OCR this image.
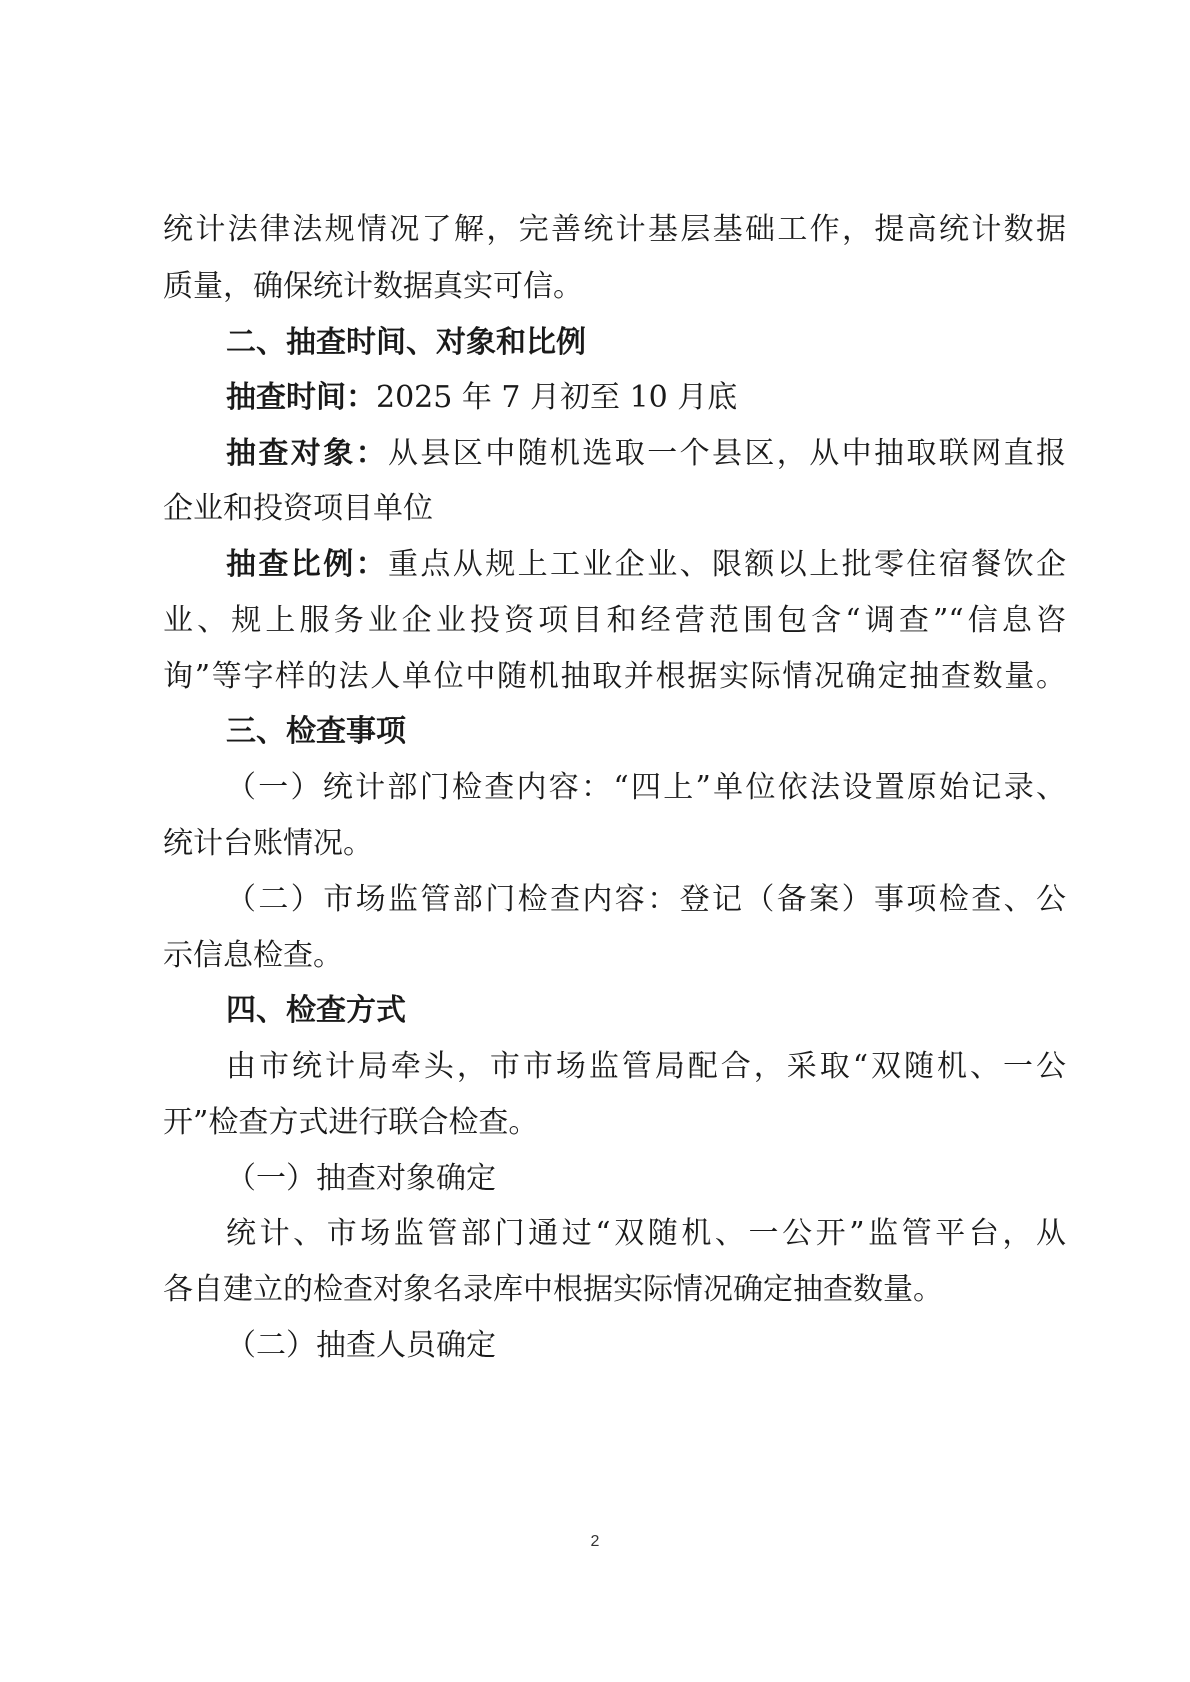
统计法律法规情况了解，完善统计基层基础工作，提高统计数据
质量，确保统计数据真实可信。
二、抽查时间、对象和比例
抽查时间：2025 年 7 月初至 10 月底
抽查对象：从县区中随机选取一个县区，从中抽取联网直报
企业和投资项目单位
抽查比例：重点从规上工业企业、限额以上批零住宿餐饮企
业、规上服务业企业投资项目和经营范围包含“调查”“信息咨
询”等字样的法人单位中随机抽取并根据实际情况确定抽查数量。
三、检查事项
（一）统计部门检查内容：“四上”单位依法设置原始记录、
统计台账情况。
（二）市场监管部门检查内容：登记（备案）事项检查、公
示信息检查。
四、检查方式
由市统计局牵头，市市场监管局配合，采取“双随机、一公
开”检查方式进行联合检查。
（一）抽查对象确定
统计、市场监管部门通过“双随机、一公开”监管平台，从
各自建立的检查对象名录库中根据实际情况确定抽查数量。
（二）抽查人员确定
2
